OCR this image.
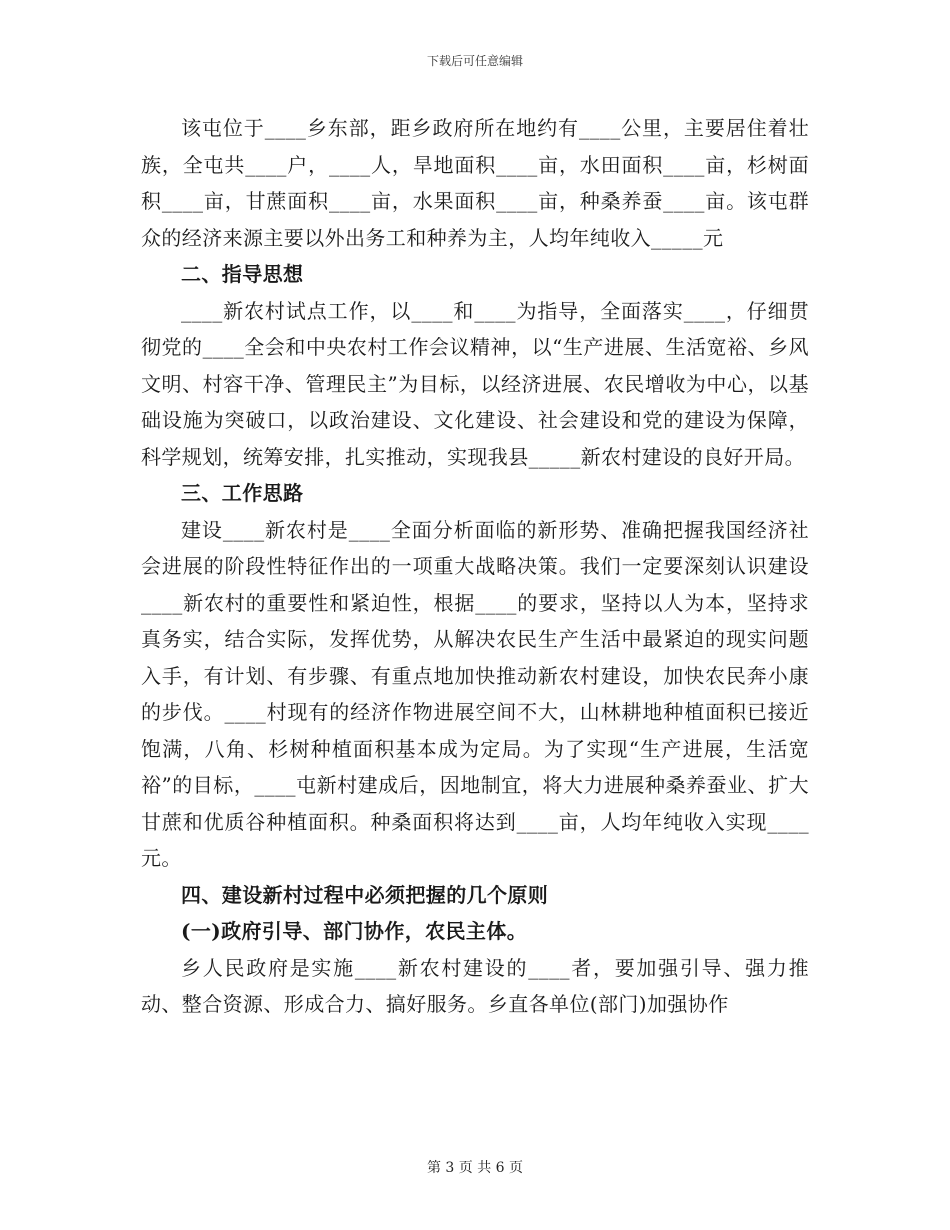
下载后可任意编辑

该屯位于____乡东部，距乡政府所在地约有____公里，主要居住着壮族，全屯共____户，____人，旱地面积____亩，水田面积____亩，杉树面积____亩，甘蔗面积____亩，水果面积____亩，种桑养蚕____亩。该屯群众的经济来源主要以外出务工和种养为主，人均年纯收入_____元

二、指导思想

____新农村试点工作，以____和____为指导，全面落实____，仔细贯彻党的____全会和中央农村工作会议精神，以“生产进展、生活宽裕、乡风文明、村容干净、管理民主”为目标，以经济进展、农民增收为中心，以基础设施为突破口，以政治建设、文化建设、社会建设和党的建设为保障，科学规划，统筹安排，扎实推动，实现我县_____新农村建设的良好开局。

三、工作思路

建设____新农村是____全面分析面临的新形势、准确把握我国经济社会进展的阶段性特征作出的一项重大战略决策。我们一定要深刻认识建设____新农村的重要性和紧迫性，根据____的要求，坚持以人为本，坚持求真务实，结合实际，发挥优势，从解决农民生产生活中最紧迫的现实问题入手，有计划、有步骤、有重点地加快推动新农村建设，加快农民奔小康的步伐。____村现有的经济作物进展空间不大，山林耕地种植面积已接近饱满，八角、杉树种植面积基本成为定局。为了实现“生产进展，生活宽裕”的目标，____屯新村建成后，因地制宜，将大力进展种桑养蚕业、扩大甘蔗和优质谷种植面积。种桑面积将达到____亩，人均年纯收入实现____元。

四、建设新村过程中必须把握的几个原则

(一)政府引导、部门协作，农民主体。

乡人民政府是实施____新农村建设的____者，要加强引导、强力推动、整合资源、形成合力、搞好服务。乡直各单位(部门)加强协作

第 3 页 共 6 页
